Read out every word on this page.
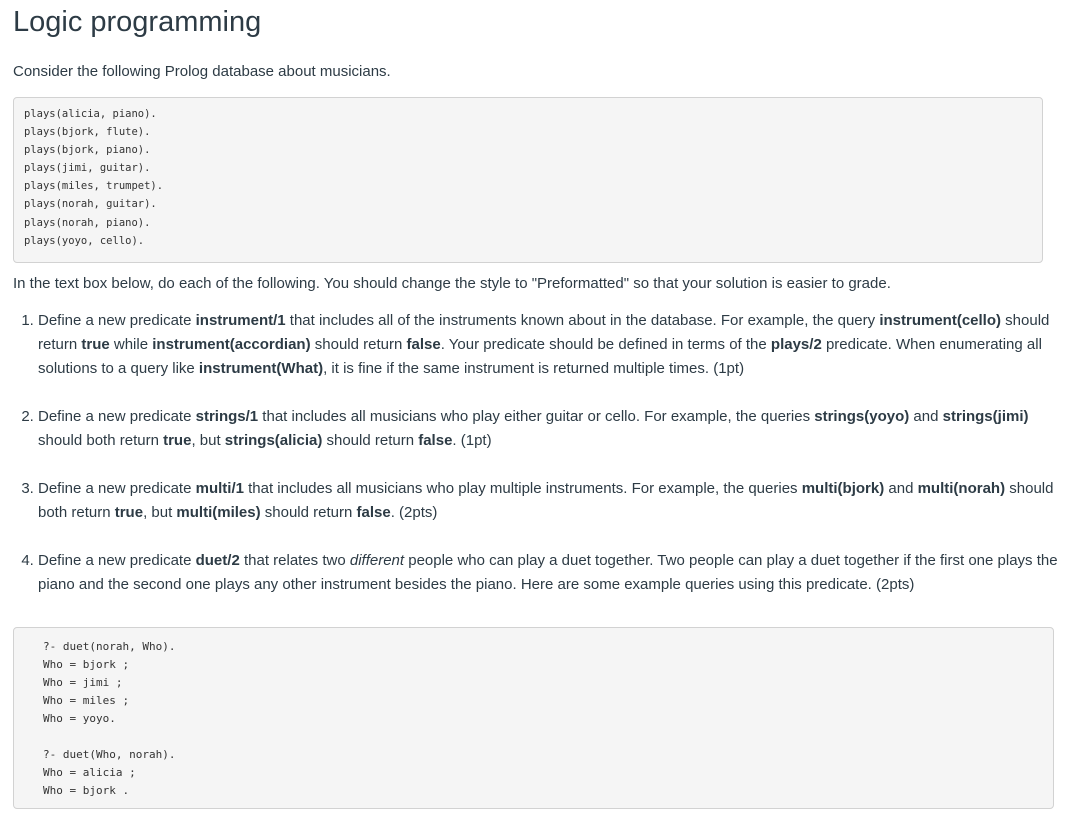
Logic programming

Consider the following Prolog database about musicians.

plays(alicia, piano).
plays(bjork, flute).
plays(bjork, piano).
plays(jimi, guitar).
plays(miles, trumpet).
plays(norah, guitar).
plays(norah, piano).
plays(yoyo, cello).

In the text box below, do each of the following. You should change the style to "Preformatted" so that your solution is easier to grade.

1. Define a new predicate instrument/1 that includes all of the instruments known about in the database. For example, the query instrument(cello) should return true while instrument(accordian) should return false. Your predicate should be defined in terms of the plays/2 predicate. When enumerating all solutions to a query like instrument(What), it is fine if the same instrument is returned multiple times. (1pt)
2. Define a new predicate strings/1 that includes all musicians who play either guitar or cello. For example, the queries strings(yoyo) and strings(jimi) should both return true, but strings(alicia) should return false. (1pt)
3. Define a new predicate multi/1 that includes all musicians who play multiple instruments. For example, the queries multi(bjork) and multi(norah) should both return true, but multi(miles) should return false. (2pts)
4. Define a new predicate duet/2 that relates two different people who can play a duet together. Two people can play a duet together if the first one plays the piano and the second one plays any other instrument besides the piano. Here are some example queries using this predicate. (2pts)
?- duet(norah, Who).
Who = bjork ;
Who = jimi ;
Who = miles ;
Who = yoyo.
?- duet(Who, norah).
Who = alicia ;
Who = bjork .
